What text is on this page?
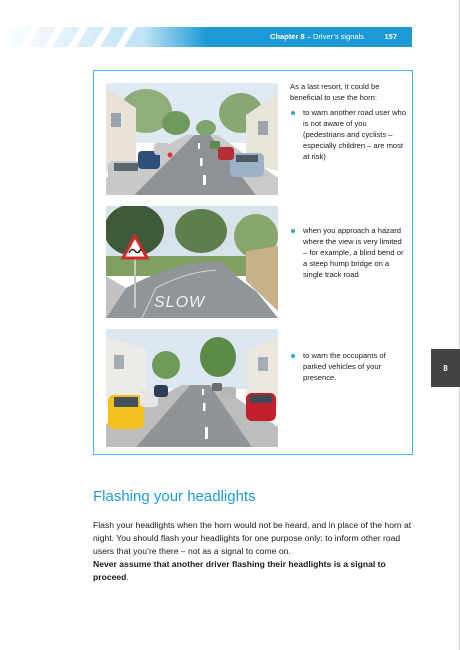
Chapter 8 – Driver’s signals	157
8
As a last resort, it could be beneficial to use the horn:
to warn another road user who is not aware of you (pedestrians and cyclists – especially children – are most at risk)
SLOW
when you approach a hazard where the view is very limited – for example, a blind bend or a steep hump bridge on a single track road
to warn the occupants of parked vehicles of your presence.
Flashing your headlights
Flash your headlights when the horn would not be heard, and in place of the horn at night. You should flash your headlights for one purpose only: to inform other road users that you’re there – not as a signal to come on.
Never assume that another driver flashing their headlights is a signal to proceed.
